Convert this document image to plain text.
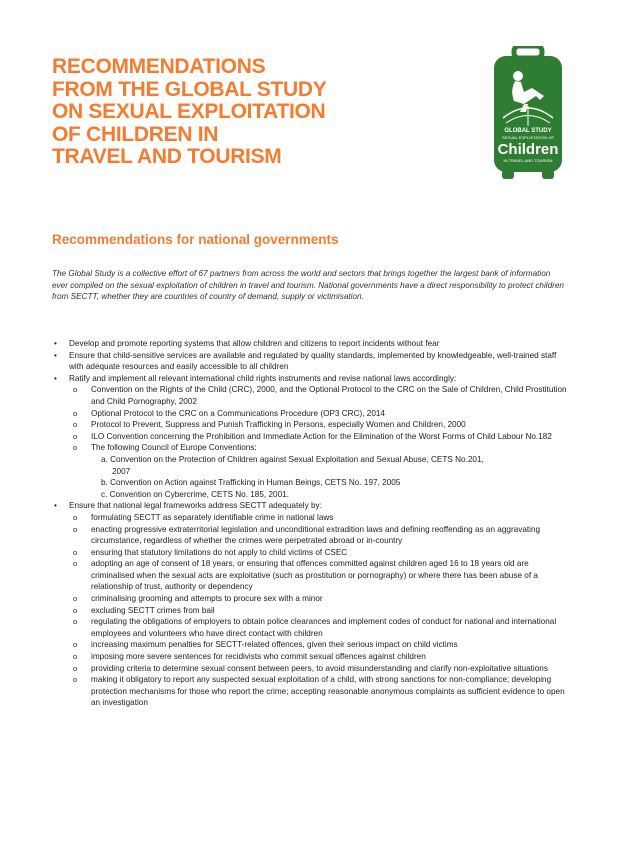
RECOMMENDATIONS
FROM THE GLOBAL STUDY
ON SEXUAL EXPLOITATION
OF CHILDREN IN
TRAVEL AND TOURISM
GLOBAL STUDY
SEXUAL EXPLOITATION OF
Children
IN TRAVEL AND TOURISM
Recommendations for national governments
The Global Study is a collective effort of 67 partners from across the world and sectors that brings together the largest bank of information ever compiled on the sexual exploitation of children in travel and tourism. National governments have a direct responsibility to protect children from SECTT, whether they are countries of country of demand, supply or victimisation.
• Develop and promote reporting systems that allow children and citizens to report incidents without fear
• Ensure that child-sensitive services are available and regulated by quality standards, implemented by knowledgeable, well-trained staff with adequate resources and easily accessible to all children
• Ratify and implement all relevant international child rights instruments and revise national laws accordingly:
o Convention on the Rights of the Child (CRC), 2000, and the Optional Protocol to the CRC on the Sale of Children, Child Prostitution and Child Pornography, 2002
o Optional Protocol to the CRC on a Communications Procedure (OP3 CRC), 2014
o Protocol to Prevent, Suppress and Punish Trafficking in Persons, especially Women and Children, 2000
o ILO Convention concerning the Prohibition and Immediate Action for the Elimination of the Worst Forms of Child Labour No.182
o The following Council of Europe Conventions:
a. Convention on the Protection of Children against Sexual Exploitation and Sexual Abuse, CETS No.201,
2007
b. Convention on Action against Trafficking in Human Beings, CETS No. 197, 2005
c. Convention on Cybercrime, CETS No. 185, 2001.
• Ensure that national legal frameworks address SECTT adequately by:
o formulating SECTT as separately identifiable crime in national laws
o enacting progressive extraterritorial legislation and unconditional extradition laws and defining reoffending as an aggravating circumstance, regardless of whether the crimes were perpetrated abroad or in-country
o ensuring that statutory limitations do not apply to child victims of CSEC
o adopting an age of consent of 18 years, or ensuring that offences committed against children aged 16 to 18 years old are criminalised when the sexual acts are exploitative (such as prostitution or pornography) or where there has been abuse of a relationship of trust, authority or dependency
o criminalising grooming and attempts to procure sex with a minor
o excluding SECTT crimes from bail
o regulating the obligations of employers to obtain police clearances and implement codes of conduct for national and international employees and volunteers who have direct contact with children
o increasing maximum penalties for SECTT-related offences, given their serious impact on child victims
o imposing more severe sentences for recidivists who commit sexual offences against children
o providing criteria to determine sexual consent between peers, to avoid misunderstanding and clarify non-exploitative situations
o making it obligatory to report any suspected sexual exploitation of a child, with strong sanctions for non-compliance; developing protection mechanisms for those who report the crime; accepting reasonable anonymous complaints as sufficient evidence to open an investigation
